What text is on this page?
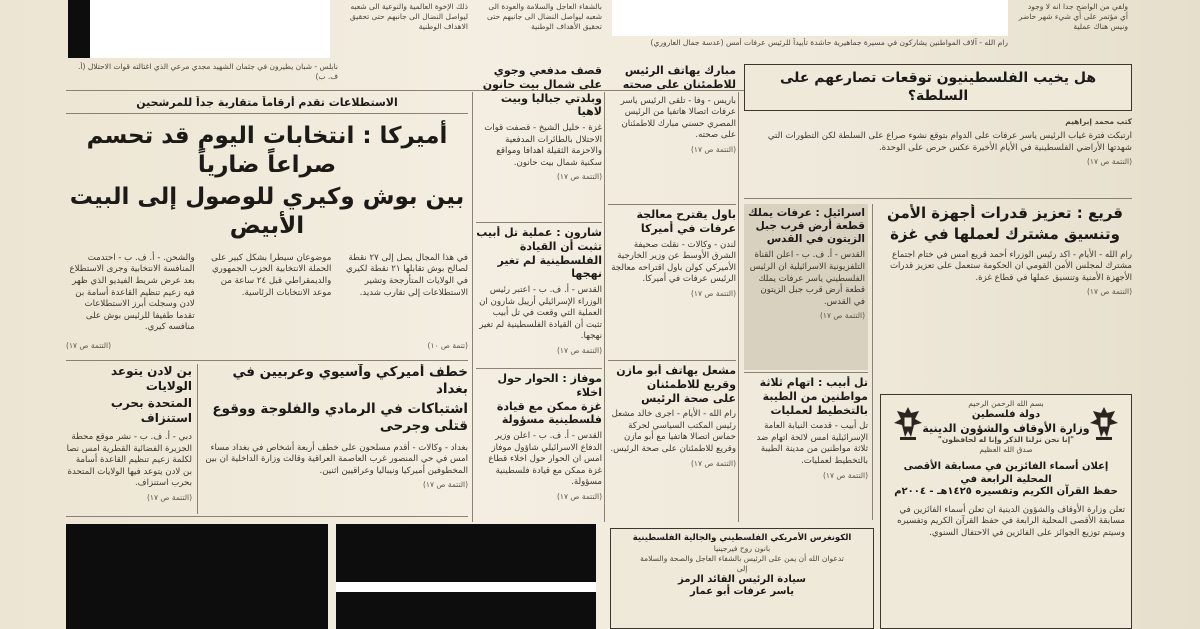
ذلك الإخوة العالمية والنوعية الى شعبه ليواصل النضال الى جانبهم حتى تحقيق الاهداف الوطنية
بالشفاء العاجل والسلامة والعودة الى شعبه ليواصل النضال الى جانبهم حتى تحقيق الأهداف الوطنية
ولفي من الواضح جدا انه لا وجود أي مؤتمر على أي شيء شهر حاضر ونيس هناك عملية
نابلس - شبان يطيرون في جثمان الشهيد مجدي مرعي الذي اغتالته قوات الاحتلال (أ. ف. ب)
رام الله - آلاف المواطنين يشاركون في مسيرة جماهيرية حاشدة تأييداً للرئيس عرفات أمس (عدسة جمال العاروري)
الاستطلاعات تقدم أرقاماً متقاربة جداً للمرشحين
أميركا : انتخابات اليوم قد تحسم صراعاً ضارياً
بين بوش وكيري للوصول إلى البيت الأبيض
والشحن. - أ. ف. ب - احتدمت المنافسة الانتخابية وجرى الاستطلاع بعد عرض شريط الفيديو الذي ظهر فيه زعيم تنظيم القاعدة أسامة بن لادن وسجلت أبرز الاستطلاعات تقدما طفيفا للرئيس بوش على منافسه كيري.
موضوعان سيطرا بشكل كبير على الحملة الانتخابية الحزب الجمهوري والديمقراطي قبل ٢٤ ساعة من موعد الانتخابات الرئاسية.
في هذا المجال يصل إلى ٢٧ نقطة لصالح بوش تقابلها ٢١ نقطة لكيري في الولايات المتأرجحة وتشير الاستطلاعات إلى تقارب شديد.
(التتمة ص ١٧)	(تتمة ص ١٠)
خطف أميركي وآسيوي وعربيين في بغداد
اشتباكات في الرمادي والفلوجة ووقوع قتلى وجرحى
بغداد - وكالات - أقدم مسلحون على خطف أربعة أشخاص في بغداد مساء امس في حي المنصور غرب العاصمة العراقية وقالت وزارة الداخلية ان بين المخطوفين أميركيا ونيباليا وعراقيين اثنين.
(التتمة ص ١٧)
بن لادن يتوعد الولايات
المتحدة بحرب استنزاف
دبي - أ. ف. ب - نشر موقع محطة الجزيرة الفضائية القطرية امس نصا لكلمة زعيم تنظيم القاعدة أسامة بن لادن يتوعد فيها الولايات المتحدة بحرب استنزاف.
(التتمة ص ١٧)
قصف مدفعي وجوي
على شمال بيت حانون
وبلدتي جباليا وبيت لاهيا
غزة - خليل الشيخ - قصفت قوات الاحتلال بالطائرات المدفعية والاحزمة الثقيلة اهدافا ومواقع سكنية شمال بيت حانون.
(التتمة ص ١٧)
شارون : عملية تل أبيب
تثبت أن القيادة
الفلسطينية لم تغير نهجها
القدس - أ. ف. ب - اعتبر رئيس الوزراء الإسرائيلي أرييل شارون ان العملية التي وقعت في تل أبيب تثبت أن القيادة الفلسطينية لم تغير نهجها.
(التتمة ص ١٧)
موفاز : الحوار حول اخلاء
غزة ممكن مع قيادة
فلسطينية مسؤولة
القدس - أ. ف. ب - اعلن وزير الدفاع الاسرائيلي شاؤول موفاز امس ان الحوار حول اخلاء قطاع غزة ممكن مع قيادة فلسطينية مسؤولة.
(التتمة ص ١٧)
مبارك يهاتف الرئيس
للاطمئنان على صحته
باريس - وفا - تلقى الرئيس ياسر عرفات اتصالا هاتفيا من الرئيس المصري حسني مبارك للاطمئنان على صحته.
(التتمة ص ١٧)
باول يقترح معالجة
عرفات في أميركا
لندن - وكالات - نقلت صحيفة الشرق الأوسط عن وزير الخارجية الأميركي كولن باول اقتراحه معالجة الرئيس عرفات في أميركا.
(التتمة ص ١٧)
مشعل يهاتف أبو مازن
وقريع للاطمئنان
على صحة الرئيس
رام الله - الأيام - اجرى خالد مشعل رئيس المكتب السياسي لحركة حماس اتصالا هاتفيا مع أبو مازن وقريع للاطمئنان على صحة الرئيس.
(التتمة ص ١٧)
هل يخيب الفلسطينيون توقعات تصارعهم على السلطة؟
كتب محمد إبراهيم
ارتبكت فترة غياب الرئيس ياسر عرفات على الدوام بتوقع نشوء صراع على السلطة لكن التطورات التي شهدتها الأراضي الفلسطينية في الأيام الأخيرة عكس حرص على الوحدة.
(التتمة ص ١٧)
اسرائيل : عرفات يملك
قطعة أرض قرب جبل
الزيتون في القدس
القدس - أ. ف. ب - اعلن القناة التلفزيونية الاسرائيلية ان الرئيس الفلسطيني ياسر عرفات يملك قطعة أرض قرب جبل الزيتون في القدس.
(التتمة ص ١٧)
تل أبيب : اتهام ثلاثة
مواطنين من الطيبة
بالتخطيط لعمليات
تل أبيب - قدمت النيابة العامة الإسرائيلية امس لائحة اتهام ضد ثلاثة مواطنين من مدينة الطيبة بالتخطيط لعمليات.
(التتمة ص ١٧)
قريع : تعزيز قدرات أجهزة الأمن
وتنسيق مشترك لعملها في غزة
رام الله - الأيام - اكد رئيس الوزراء أحمد قريع امس في ختام اجتماع مشترك لمجلس الأمن القومي ان الحكومة ستعمل على تعزيز قدرات الأجهزة الأمنية وتنسيق عملها في قطاع غزة.
(التتمة ص ١٧)
بسم الله الرحمن الرحيم
دولة فلسطين
وزارة الأوقاف والشؤون الدينية
"إنا نحن نزلنا الذكر وإنا له لحافظون"
صدق الله العظيم
إعلان أسماء الفائزين في مسابقة الأقصى المحلية الرابعة في
حفظ القرآن الكريم وتفسيره ١٤٢٥هـ - ٢٠٠٤م
تعلن وزارة الأوقاف والشؤون الدينية ان تعلن أسماء الفائزين في مسابقة الأقصى المحلية الرابعة في حفظ القرآن الكريم وتفسيره وسيتم توزيع الجوائز على الفائزين في الاحتفال السنوي.
الكونغرس الأمريكي الفلسطيني والجالية الفلسطينية
بانون روح فيرجينيا
تدعوان الله أن يمن على الرئيس بالشفاء العاجل والصحة والسلامة
إلى
سيادة الرئيس القائد الرمز
ياسر عرفات أبو عمار
